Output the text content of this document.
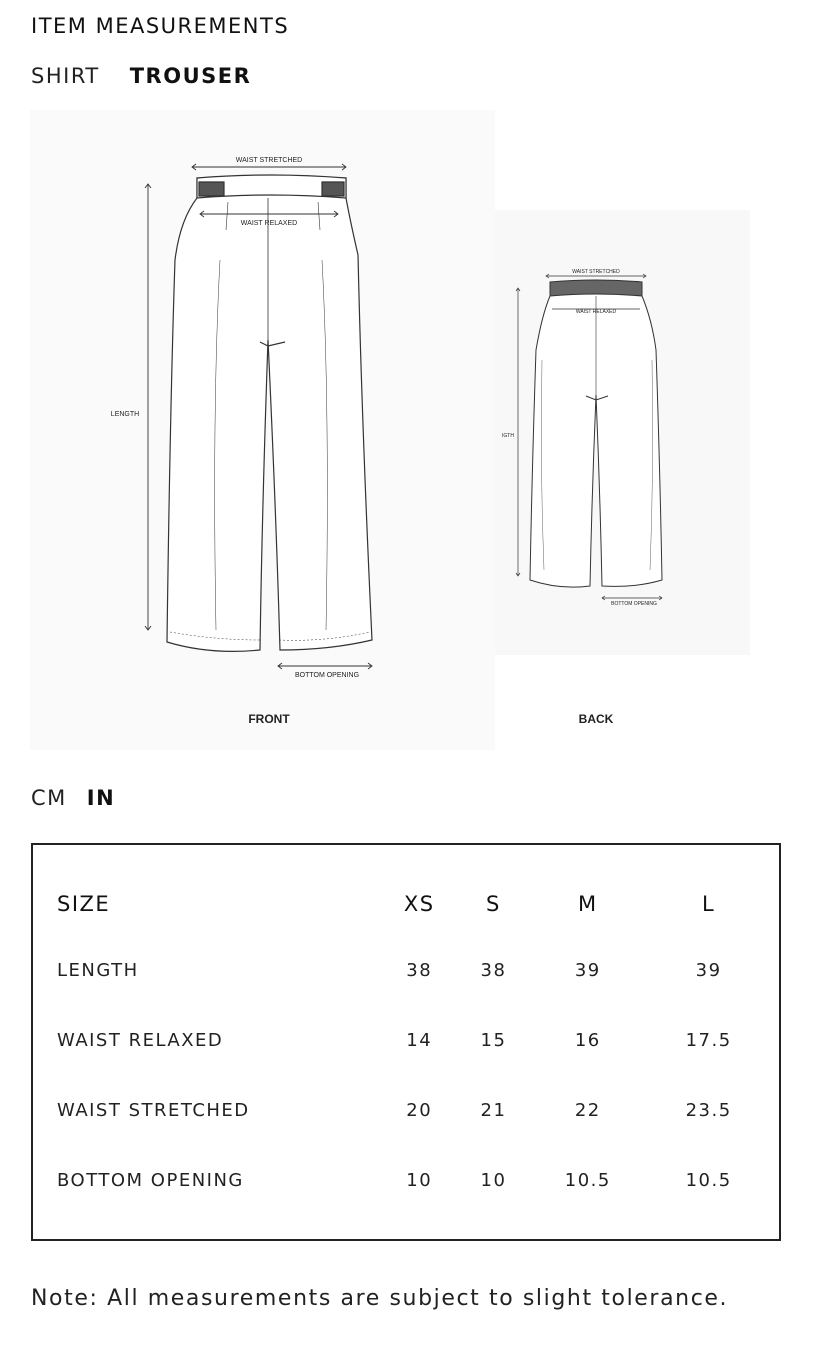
ITEM MEASUREMENTS
SHIRT TROUSER
WAIST STRETCHED
WAIST RELAXED
LENGTH
BOTTOM OPENING
FRONT
WAIST STRETCHED
WAIST RELAXED
IGTH
BOTTOM OPENING
BACK
CM IN
SIZE	XS	S	M	L
LENGTH	38	38	39	39
WAIST RELAXED	14	15	16	17.5
WAIST STRETCHED	20	21	22	23.5
BOTTOM OPENING	10	10	10.5	10.5
Note: All measurements are subject to slight tolerance.
